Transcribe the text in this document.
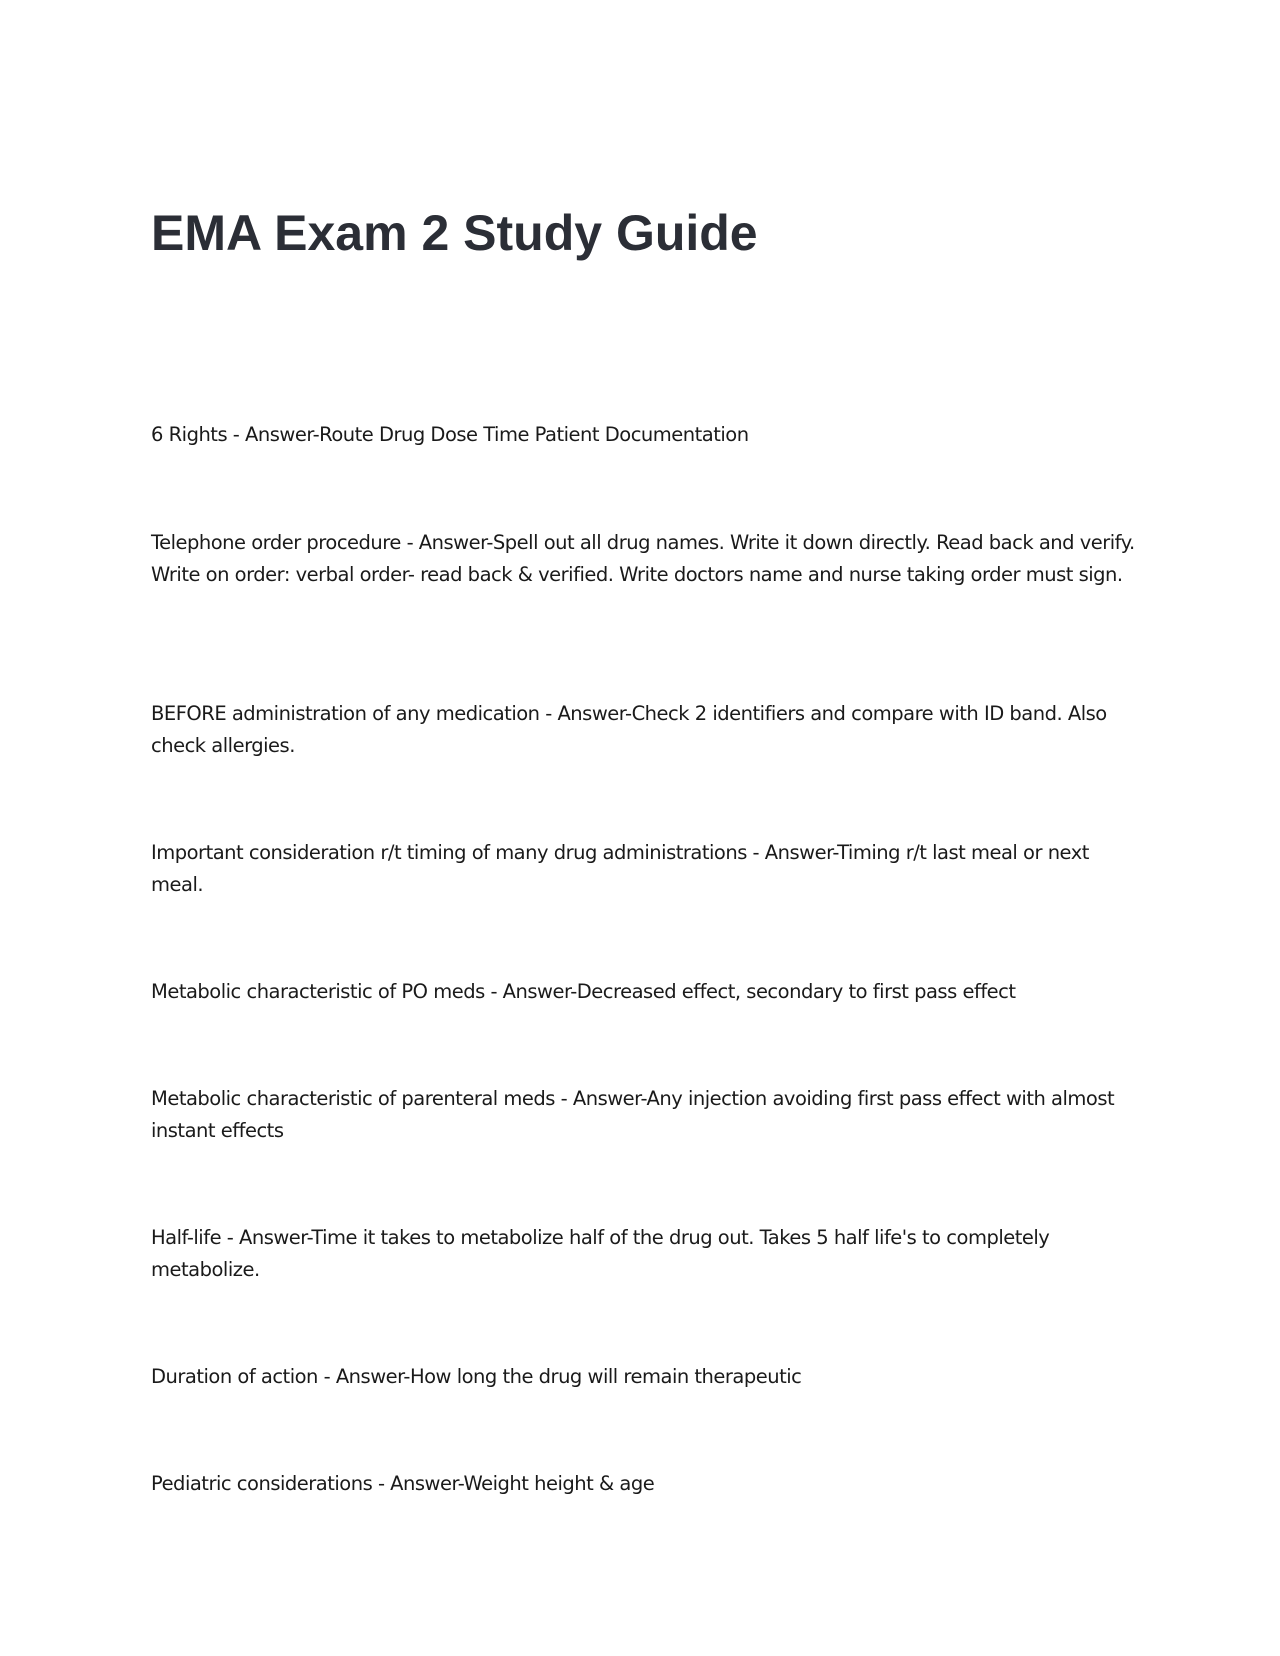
EMA Exam 2 Study Guide

6 Rights - Answer-Route Drug Dose Time Patient Documentation

Telephone order procedure - Answer-Spell out all drug names. Write it down directly. Read back and verify. Write on order: verbal order- read back & verified. Write doctors name and nurse taking order must sign.

BEFORE administration of any medication - Answer-Check 2 identifiers and compare with ID band. Also check allergies.

Important consideration r/t timing of many drug administrations - Answer-Timing r/t last meal or next meal.

Metabolic characteristic of PO meds - Answer-Decreased effect, secondary to first pass effect

Metabolic characteristic of parenteral meds - Answer-Any injection avoiding first pass effect with almost instant effects

Half-life - Answer-Time it takes to metabolize half of the drug out. Takes 5 half life's to completely metabolize.

Duration of action - Answer-How long the drug will remain therapeutic

Pediatric considerations - Answer-Weight height & age
